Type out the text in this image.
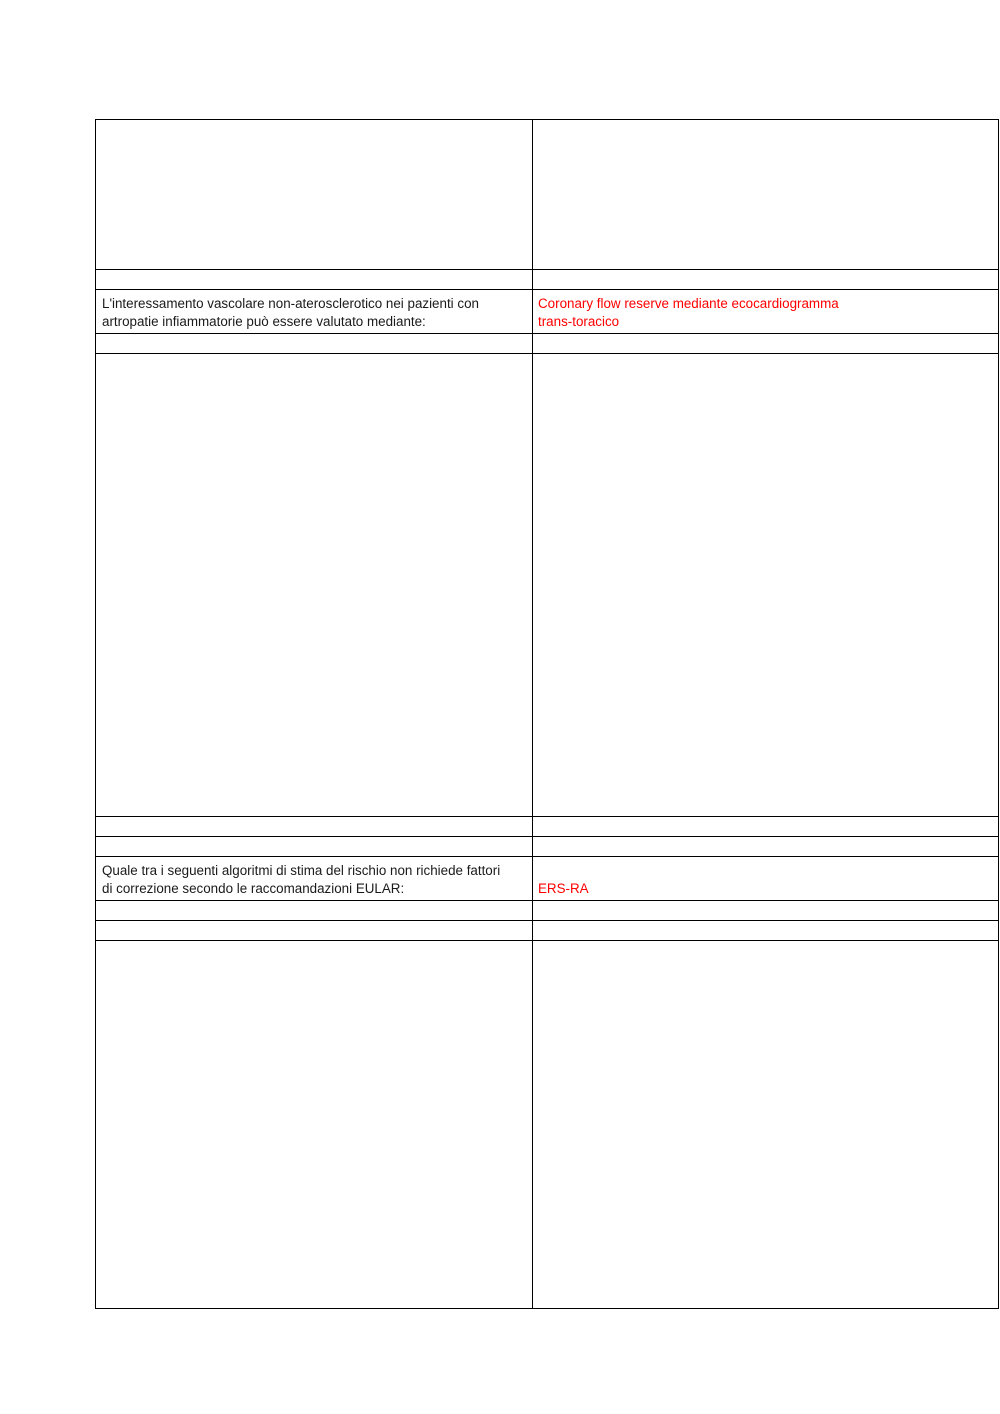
L'interessamento vascolare non-aterosclerotico nei pazienti con
artropatie infiammatorie può essere valutato mediante:
Coronary flow reserve mediante ecocardiogramma
trans-toracico
Quale tra i seguenti algoritmi di stima del rischio non richiede fattori
di correzione secondo le raccomandazioni EULAR:	ERS-RA
